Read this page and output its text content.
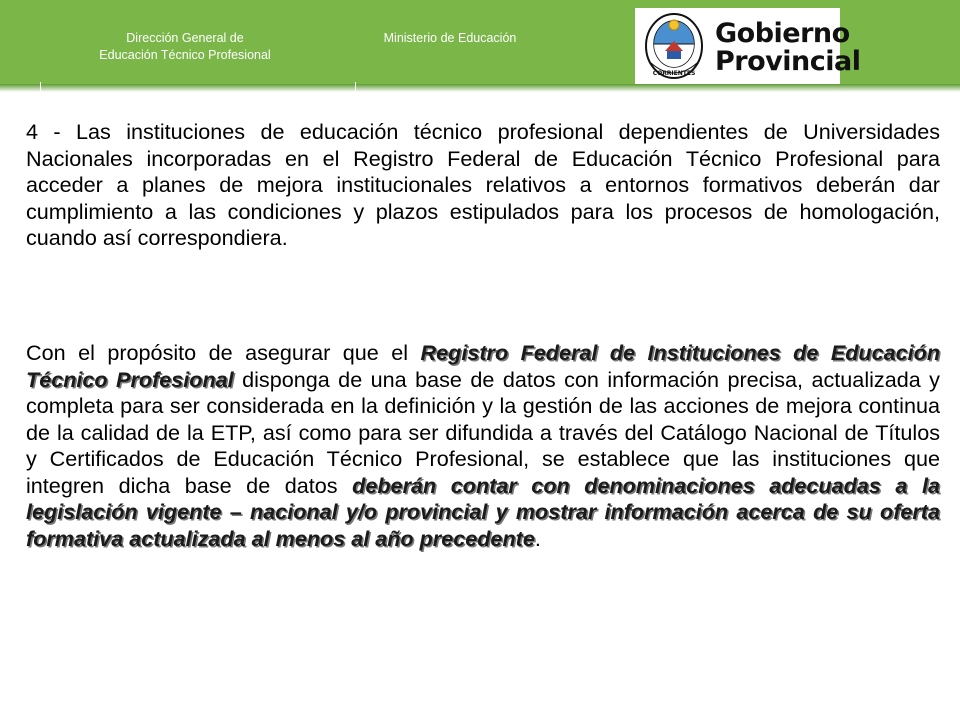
Dirección General de
Educación Técnico Profesional
Ministerio de Educación
CORRIENTES
Gobierno
Provincial
4 - Las instituciones de educación técnico profesional dependientes de Universidades Nacionales incorporadas en el Registro Federal de Educación Técnico Profesional para acceder a planes de mejora institucionales relativos a entornos formativos deberán dar cumplimiento a las condiciones y plazos estipulados para los procesos de homologación, cuando así correspondiera.
Con el propósito de asegurar que el Registro Federal de Instituciones de Educación Técnico Profesional disponga de una base de datos con información precisa, actualizada y completa para ser considerada en la definición y la gestión de las acciones de mejora continua de la calidad de la ETP, así como para ser difundida a través del Catálogo Nacional de Títulos y Certificados de Educación Técnico Profesional, se establece que las instituciones que integren dicha base de datos deberán contar con denominaciones adecuadas a la legislación vigente – nacional y/o provincial y mostrar información acerca de su oferta formativa actualizada al menos al año precedente.
